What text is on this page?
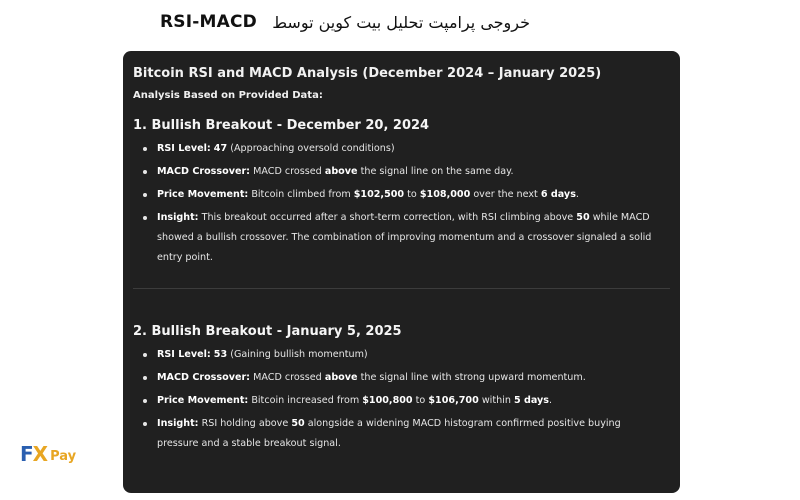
RSI-MACD خروجی پرامپت تحلیل بیت کوین توسط
Bitcoin RSI and MACD Analysis (December 2024 – January 2025)
Analysis Based on Provided Data:
1. Bullish Breakout - December 20, 2024
RSI Level: 47 (Approaching oversold conditions)
MACD Crossover: MACD crossed above the signal line on the same day.
Price Movement: Bitcoin climbed from $102,500 to $108,000 over the next 6 days.
Insight: This breakout occurred after a short-term correction, with RSI climbing above 50 while MACD showed a bullish crossover. The combination of improving momentum and a crossover signaled a solid entry point.
2. Bullish Breakout - January 5, 2025
RSI Level: 53 (Gaining bullish momentum)
MACD Crossover: MACD crossed above the signal line with strong upward momentum.
Price Movement: Bitcoin increased from $100,800 to $106,700 within 5 days.
Insight: RSI holding above 50 alongside a widening MACD histogram confirmed positive buying pressure and a stable breakout signal.
FX Pay
